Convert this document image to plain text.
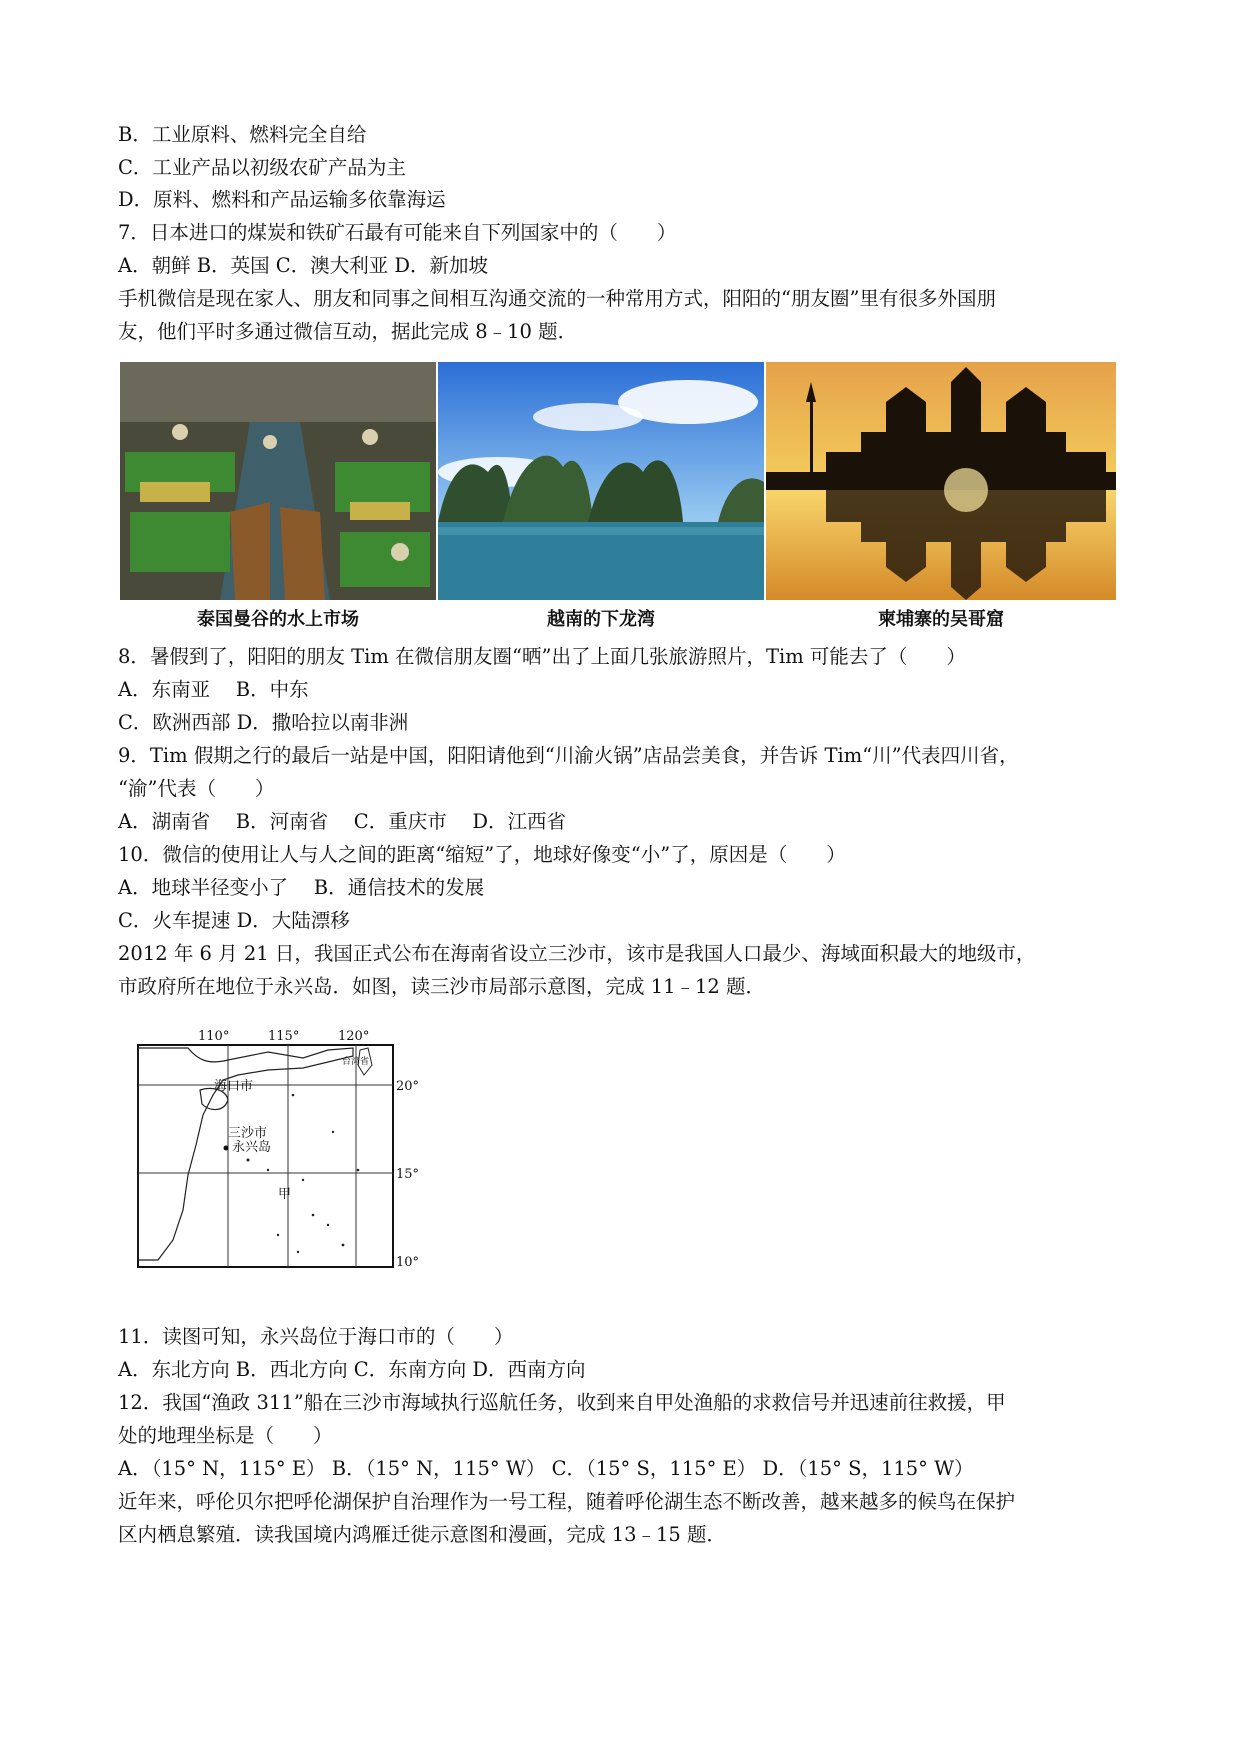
B．工业原料、燃料完全自给
C．工业产品以初级农矿产品为主
D．原料、燃料和产品运输多依靠海运
7．日本进口的煤炭和铁矿石最有可能来自下列国家中的（　　）
A．朝鲜 B．英国 C．澳大利亚 D．新加坡
手机微信是现在家人、朋友和同事之间相互沟通交流的一种常用方式，阳阳的“朋友圈”里有很多外国朋
友，他们平时多通过微信互动，据此完成 8﹣10 题．
泰国曼谷的水上市场	越南的下龙湾	柬埔寨的吴哥窟
8．暑假到了，阳阳的朋友 Tim 在微信朋友圈“晒”出了上面几张旅游照片，Tim 可能去了（　　）
A．东南亚　 B．中东
C．欧洲西部 D．撒哈拉以南非洲
9．Tim 假期之行的最后一站是中国，阳阳请他到“川渝火锅”店品尝美食，并告诉 Tim“川”代表四川省，
“渝”代表（　　）
A．湖南省　 B．河南省　 C．重庆市　 D．江西省
10．微信的使用让人与人之间的距离“缩短”了，地球好像变“小”了，原因是（　　）
A．地球半径变小了　 B．通信技术的发展
C．火车提速 D．大陆漂移
2012 年 6 月 21 日，我国正式公布在海南省设立三沙市，该市是我国人口最少、海域面积最大的地级市，
市政府所在地位于永兴岛．如图，读三沙市局部示意图，完成 11﹣12 题．
110°	115°	120°
20°
15°
10°
台湾省
海口市
三沙市
永兴岛
甲
11．读图可知，永兴岛位于海口市的（　　）
A．东北方向 B．西北方向 C．东南方向 D．西南方向
12．我国“渔政 311”船在三沙市海域执行巡航任务，收到来自甲处渔船的求救信号并迅速前往救援，甲
处的地理坐标是（　　）
A．（15° N，115° E） B．（15° N，115° W） C．（15° S，115° E） D．（15° S，115° W）
近年来，呼伦贝尔把呼伦湖保护自治理作为一号工程，随着呼伦湖生态不断改善，越来越多的候鸟在保护
区内栖息繁殖．读我国境内鸿雁迁徙示意图和漫画，完成 13﹣15 题．
